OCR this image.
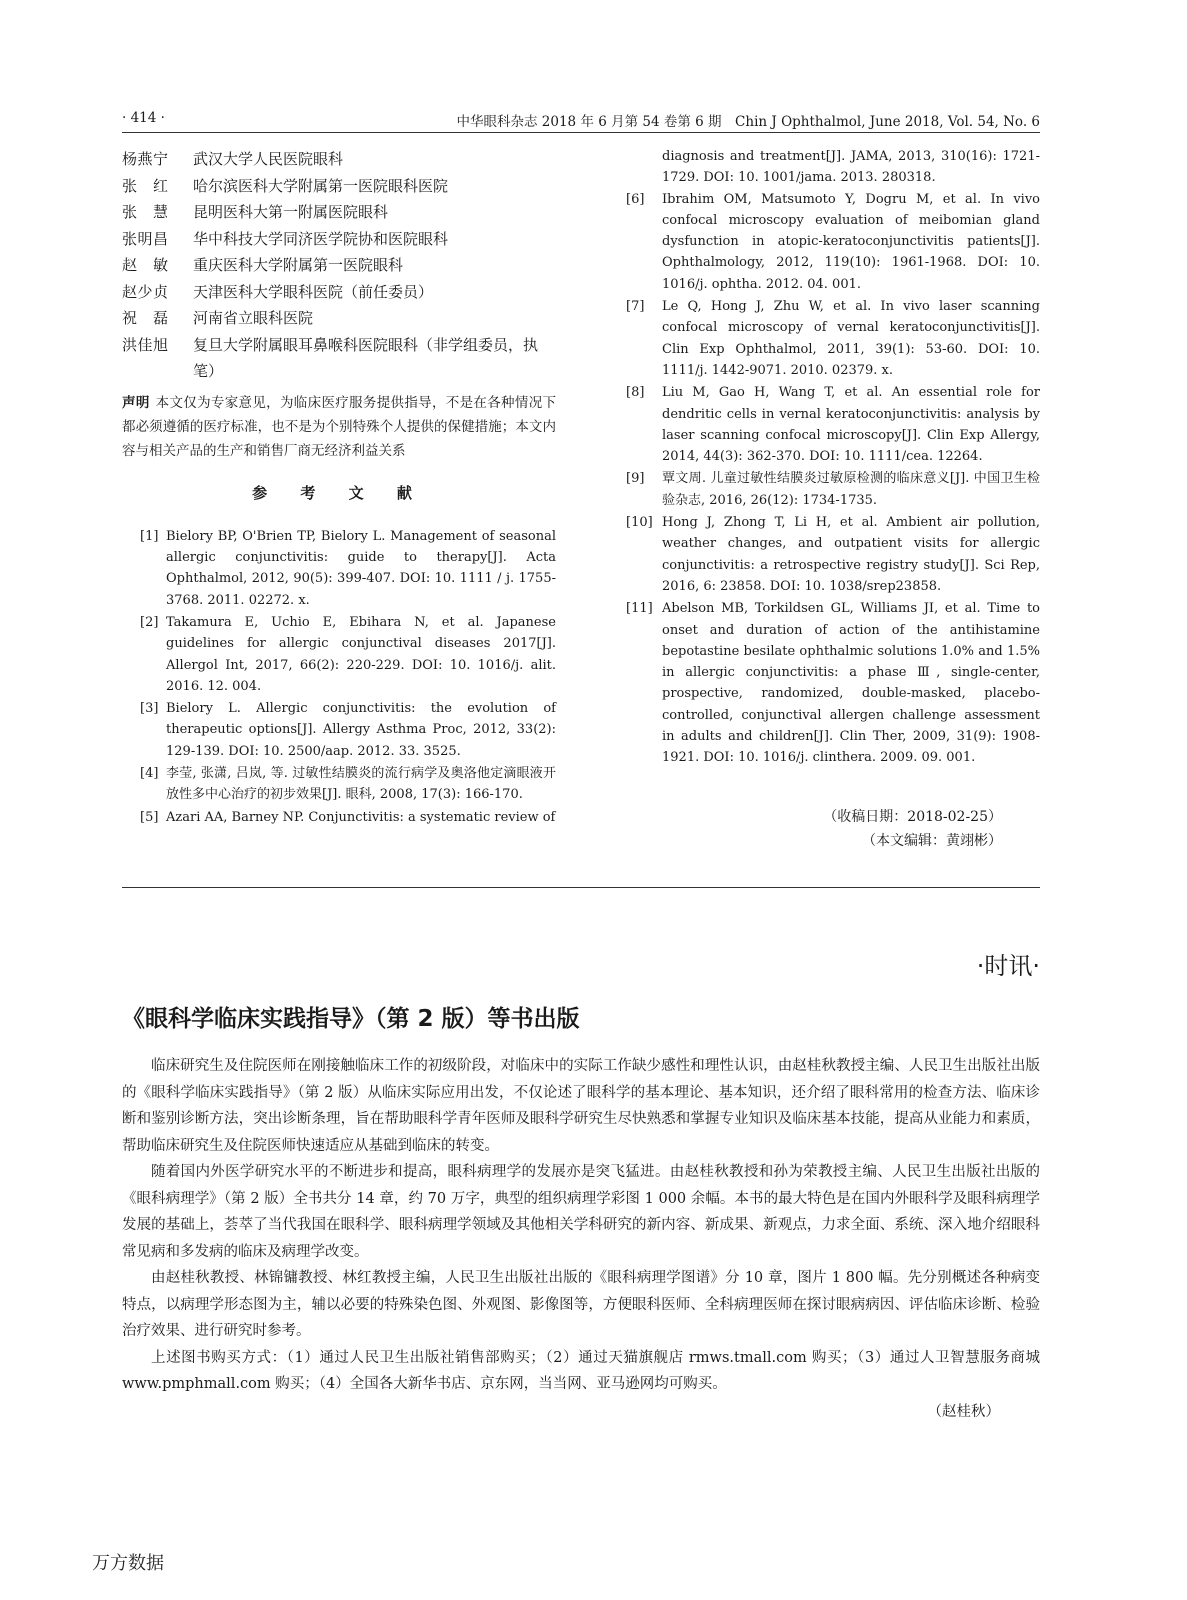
· 414 ·	中华眼科杂志 2018 年 6 月第 54 卷第 6 期　Chin J Ophthalmol, June 2018, Vol. 54, No. 6
杨燕宁	武汉大学人民医院眼科
张　红	哈尔滨医科大学附属第一医院眼科医院
张　慧	昆明医科大第一附属医院眼科
张明昌	华中科技大学同济医学院协和医院眼科
赵　敏	重庆医科大学附属第一医院眼科
赵少贞	天津医科大学眼科医院（前任委员）
祝　磊	河南省立眼科医院
洪佳旭	复旦大学附属眼耳鼻喉科医院眼科（非学组委员，执笔）
声明 本文仅为专家意见，为临床医疗服务提供指导，不是在各种情况下都必须遵循的医疗标准，也不是为个别特殊个人提供的保健措施；本文内容与相关产品的生产和销售厂商无经济利益关系
参 考 文 献
[1] Bielory BP, O'Brien TP, Bielory L. Management of seasonal allergic conjunctivitis: guide to therapy[J]. Acta Ophthalmol, 2012, 90(5): 399-407. DOI: 10. 1111 / j. 1755-3768. 2011. 02272. x.
[2] Takamura E, Uchio E, Ebihara N, et al. Japanese guidelines for allergic conjunctival diseases 2017[J]. Allergol Int, 2017, 66(2): 220-229. DOI: 10. 1016/j. alit. 2016. 12. 004.
[3] Bielory L. Allergic conjunctivitis: the evolution of therapeutic options[J]. Allergy Asthma Proc, 2012, 33(2): 129-139. DOI: 10. 2500/aap. 2012. 33. 3525.
[4] 李莹, 张潇, 吕岚, 等. 过敏性结膜炎的流行病学及奥洛他定滴眼液开放性多中心治疗的初步效果[J]. 眼科, 2008, 17(3): 166-170.
[5] Azari AA, Barney NP. Conjunctivitis: a systematic review of
diagnosis and treatment[J]. JAMA, 2013, 310(16): 1721-1729. DOI: 10. 1001/jama. 2013. 280318.
[6]	Ibrahim OM, Matsumoto Y, Dogru M, et al. In vivo confocal microscopy evaluation of meibomian gland dysfunction in atopic-keratoconjunctivitis patients[J]. Ophthalmology, 2012, 119(10): 1961-1968. DOI: 10. 1016/j. ophtha. 2012. 04. 001.
[7]	Le Q, Hong J, Zhu W, et al. In vivo laser scanning confocal microscopy of vernal keratoconjunctivitis[J]. Clin Exp Ophthalmol, 2011, 39(1): 53-60. DOI: 10. 1111/j. 1442-9071. 2010. 02379. x.
[8]	Liu M, Gao H, Wang T, et al. An essential role for dendritic cells in vernal keratoconjunctivitis: analysis by laser scanning confocal microscopy[J]. Clin Exp Allergy, 2014, 44(3): 362-370. DOI: 10. 1111/cea. 12264.
[9]	覃文周. 儿童过敏性结膜炎过敏原检测的临床意义[J]. 中国卫生检验杂志, 2016, 26(12): 1734-1735.
[10] Hong J, Zhong T, Li H, et al. Ambient air pollution, weather changes, and outpatient visits for allergic conjunctivitis: a retrospective registry study[J]. Sci Rep, 2016, 6: 23858. DOI: 10. 1038/srep23858.
[11] Abelson MB, Torkildsen GL, Williams JI, et al. Time to onset and duration of action of the antihistamine bepotastine besilate ophthalmic solutions 1.0% and 1.5% in allergic conjunctivitis: a phase Ⅲ, single-center, prospective, randomized, double-masked, placebo-controlled, conjunctival allergen challenge assessment in adults and children[J]. Clin Ther, 2009, 31(9): 1908-1921. DOI: 10. 1016/j. clinthera. 2009. 09. 001.
（收稿日期：2018-02-25）
（本文编辑：黄翊彬）
·时讯·
《眼科学临床实践指导》（第 2 版）等书出版

临床研究生及住院医师在刚接触临床工作的初级阶段，对临床中的实际工作缺少感性和理性认识，由赵桂秋教授主编、人民卫生出版社出版的《眼科学临床实践指导》（第 2 版）从临床实际应用出发，不仅论述了眼科学的基本理论、基本知识，还介绍了眼科常用的检查方法、临床诊断和鉴别诊断方法，突出诊断条理，旨在帮助眼科学青年医师及眼科学研究生尽快熟悉和掌握专业知识及临床基本技能，提高从业能力和素质，帮助临床研究生及住院医师快速适应从基础到临床的转变。

随着国内外医学研究水平的不断进步和提高，眼科病理学的发展亦是突飞猛进。由赵桂秋教授和孙为荣教授主编、人民卫生出版社出版的《眼科病理学》（第 2 版）全书共分 14 章，约 70 万字，典型的组织病理学彩图 1 000 余幅。本书的最大特色是在国内外眼科学及眼科病理学发展的基础上，荟萃了当代我国在眼科学、眼科病理学领域及其他相关学科研究的新内容、新成果、新观点，力求全面、系统、深入地介绍眼科常见病和多发病的临床及病理学改变。

由赵桂秋教授、林锦镛教授、林红教授主编，人民卫生出版社出版的《眼科病理学图谱》分 10 章，图片 1 800 幅。先分别概述各种病变特点，以病理学形态图为主，辅以必要的特殊染色图、外观图、影像图等，方便眼科医师、全科病理医师在探讨眼病病因、评估临床诊断、检验治疗效果、进行研究时参考。

上述图书购买方式：（1）通过人民卫生出版社销售部购买；（2）通过天猫旗舰店 rmws.tmall.com 购买；（3）通过人卫智慧服务商城 www.pmphmall.com 购买；（4）全国各大新华书店、京东网，当当网、亚马逊网均可购买。

（赵桂秋）
万方数据
